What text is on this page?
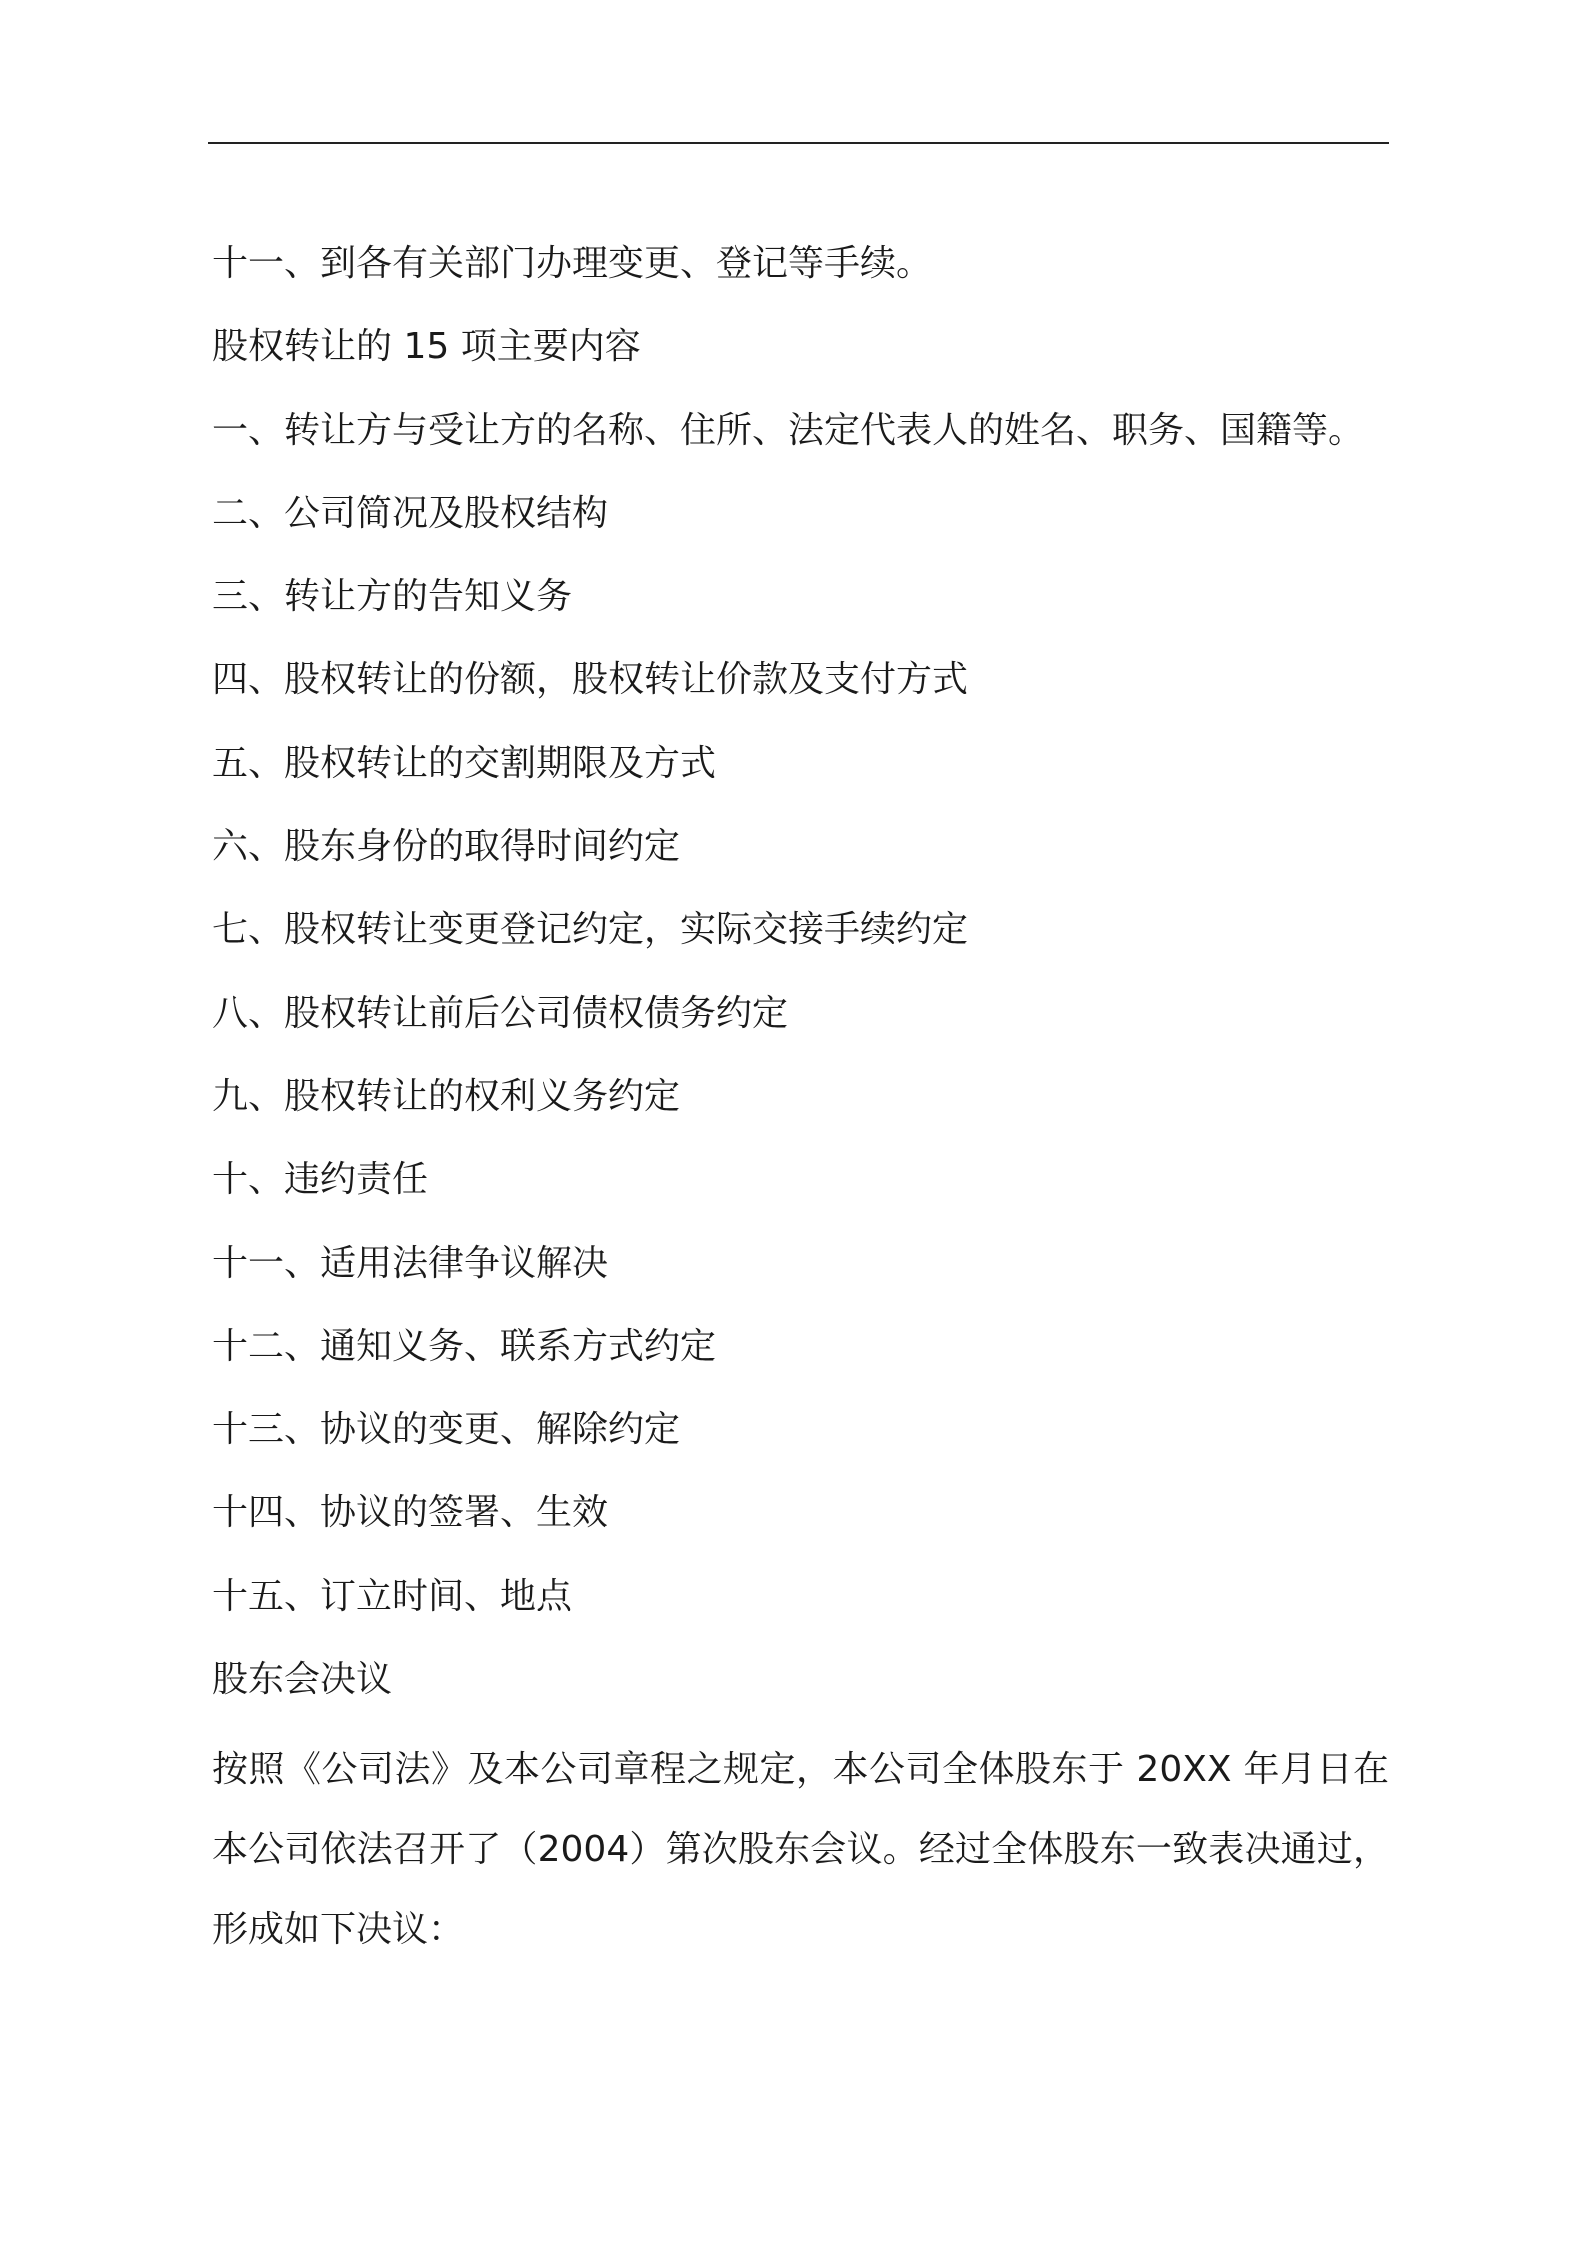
十一、到各有关部门办理变更、登记等手续。
股权转让的 15 项主要内容
一、转让方与受让方的名称、住所、法定代表人的姓名、职务、国籍等。
二、公司简况及股权结构
三、转让方的告知义务
四、股权转让的份额，股权转让价款及支付方式
五、股权转让的交割期限及方式
六、股东身份的取得时间约定
七、股权转让变更登记约定，实际交接手续约定
八、股权转让前后公司债权债务约定
九、股权转让的权利义务约定
十、违约责任
十一、适用法律争议解决
十二、通知义务、联系方式约定
十三、协议的变更、解除约定
十四、协议的签署、生效
十五、订立时间、地点
股东会决议
按照《公司法》及本公司章程之规定，本公司全体股东于 20XX 年月日在
本公司依法召开了（2004）第次股东会议。经过全体股东一致表决通过，
形成如下决议：
